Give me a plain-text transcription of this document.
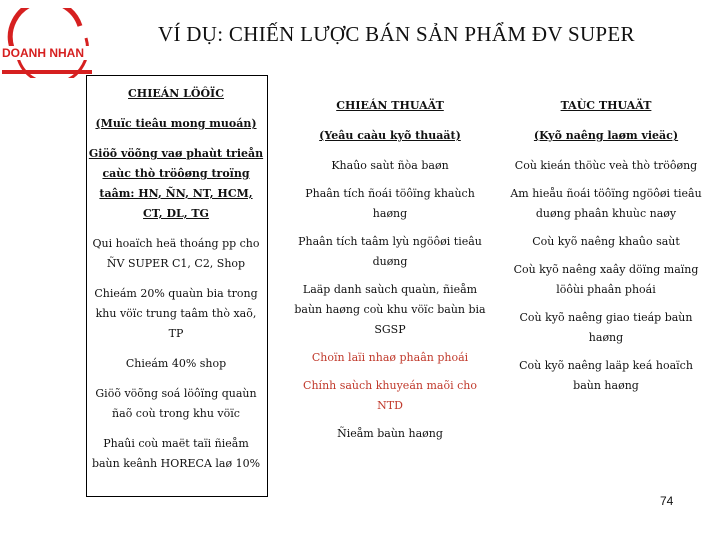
DOANH NHAN
VÍ DỤ: CHIẾN LƯỢC BÁN SẢN PHẨM ĐV SUPER
CHIEÁN LÖÔÏC
(Muïc tieâu mong muoán)
Giöõ vöõng vaø phaùt trieån caùc thò tröôøng troïng taâm: HN, ÑN, NT, HCM, CT, DL, TG
Qui hoaïch heä thoáng pp cho ÑV SUPER C1, C2, Shop
Chieám 20% quaùn bia trong khu vöïc trung taâm thò xaõ, TP
Chieám 40% shop
Giöõ vöõng soá löôïng quaùn ñaõ coù trong khu vöïc
Phaûi coù maët taïi ñieåm baùn keânh HORECA laø 10%
CHIEÁN THUAÄT
(Yeâu caàu kyõ thuaät)
Khaûo saùt ñòa baøn
Phaân tích ñoái töôïng khaùch haøng
Phaân tích taâm lyù ngöôøi tieâu duøng
Laäp danh saùch quaùn, ñieåm baùn haøng coù khu vöïc baùn bia SGSP
Choïn laïi nhaø phaân phoái
Chính saùch khuyeán maõi cho NTD
Ñieåm baùn haøng
TAÙC THUAÄT
(Kyõ naêng laøm vieäc)
Coù kieán thöùc veà thò tröôøng
Am hieåu ñoái töôïng ngöôøi tieâu duøng phaân khuùc naøy
Coù kyõ naêng khaûo saùt
Coù kyõ naêng xaây döïng maïng löôùi phaân phoái
Coù kyõ naêng giao tieáp baùn haøng
Coù kyõ naêng laäp keá hoaïch baùn haøng
74
